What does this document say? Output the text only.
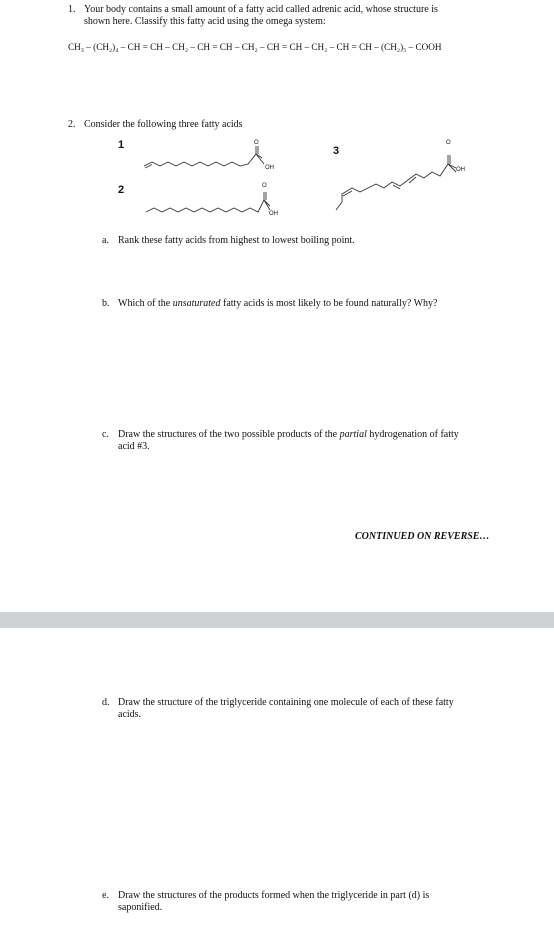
1. Your body contains a small amount of a fatty acid called adrenic acid, whose structure is
shown here. Classify this fatty acid using the omega system:
CH₃ – (CH₂)₄ – CH = CH – CH₂ – CH = CH – CH₂ – CH = CH – CH₂ – CH = CH – (CH₂)₅ – COOH
2. Consider the following three fatty acids
1
2
3
O
OH
O
OH
O
OH
a. Rank these fatty acids from highest to lowest boiling point.
b. Which of the unsaturated fatty acids is most likely to be found naturally? Why?
c. Draw the structures of the two possible products of the partial hydrogenation of fatty
acid #3.
CONTINUED ON REVERSE…
d. Draw the structure of the triglyceride containing one molecule of each of these fatty
acids.
e. Draw the structures of the products formed when the triglyceride in part (d) is
saponified.
